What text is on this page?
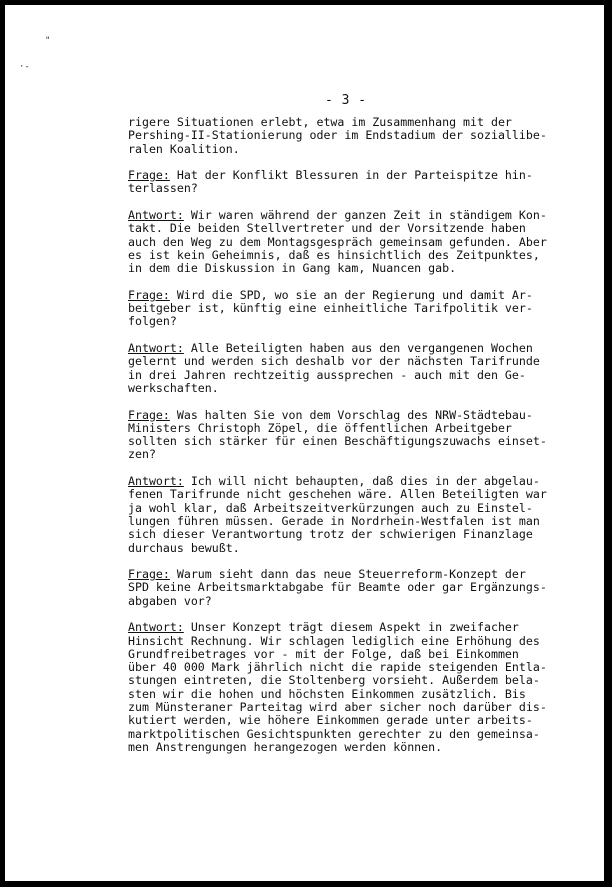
"
·-
- 3 -
rigere Situationen erlebt, etwa im Zusammenhang mit der
Pershing-II-Stationierung oder im Endstadium der soziallibe-
ralen Koalition.
Frage: Hat der Konflikt Blessuren in der Parteispitze hin-
terlassen?
Antwort: Wir waren während der ganzen Zeit in ständigem Kon-
takt. Die beiden Stellvertreter und der Vorsitzende haben
auch den Weg zu dem Montagsgespräch gemeinsam gefunden. Aber
es ist kein Geheimnis, daß es hinsichtlich des Zeitpunktes,
in dem die Diskussion in Gang kam, Nuancen gab.
Frage: Wird die SPD, wo sie an der Regierung und damit Ar-
beitgeber ist, künftig eine einheitliche Tarifpolitik ver-
folgen?
Antwort: Alle Beteiligten haben aus den vergangenen Wochen
gelernt und werden sich deshalb vor der nächsten Tarifrunde
in drei Jahren rechtzeitig aussprechen - auch mit den Ge-
werkschaften.
Frage: Was halten Sie von dem Vorschlag des NRW-Städtebau-
Ministers Christoph Zöpel, die öffentlichen Arbeitgeber
sollten sich stärker für einen Beschäftigungszuwachs einset-
zen?
Antwort: Ich will nicht behaupten, daß dies in der abgelau-
fenen Tarifrunde nicht geschehen wäre. Allen Beteiligten war
ja wohl klar, daß Arbeitszeitverkürzungen auch zu Einstel-
lungen führen müssen. Gerade in Nordrhein-Westfalen ist man
sich dieser Verantwortung trotz der schwierigen Finanzlage
durchaus bewußt.
Frage: Warum sieht dann das neue Steuerreform-Konzept der
SPD keine Arbeitsmarktabgabe für Beamte oder gar Ergänzungs-
abgaben vor?
Antwort: Unser Konzept trägt diesem Aspekt in zweifacher
Hinsicht Rechnung. Wir schlagen lediglich eine Erhöhung des
Grundfreibetrages vor - mit der Folge, daß bei Einkommen
über 40 000 Mark jährlich nicht die rapide steigenden Entla-
stungen eintreten, die Stoltenberg vorsieht. Außerdem bela-
sten wir die hohen und höchsten Einkommen zusätzlich. Bis
zum Münsteraner Parteitag wird aber sicher noch darüber dis-
kutiert werden, wie höhere Einkommen gerade unter arbeits-
marktpolitischen Gesichtspunkten gerechter zu den gemeinsa-
men Anstrengungen herangezogen werden können.
